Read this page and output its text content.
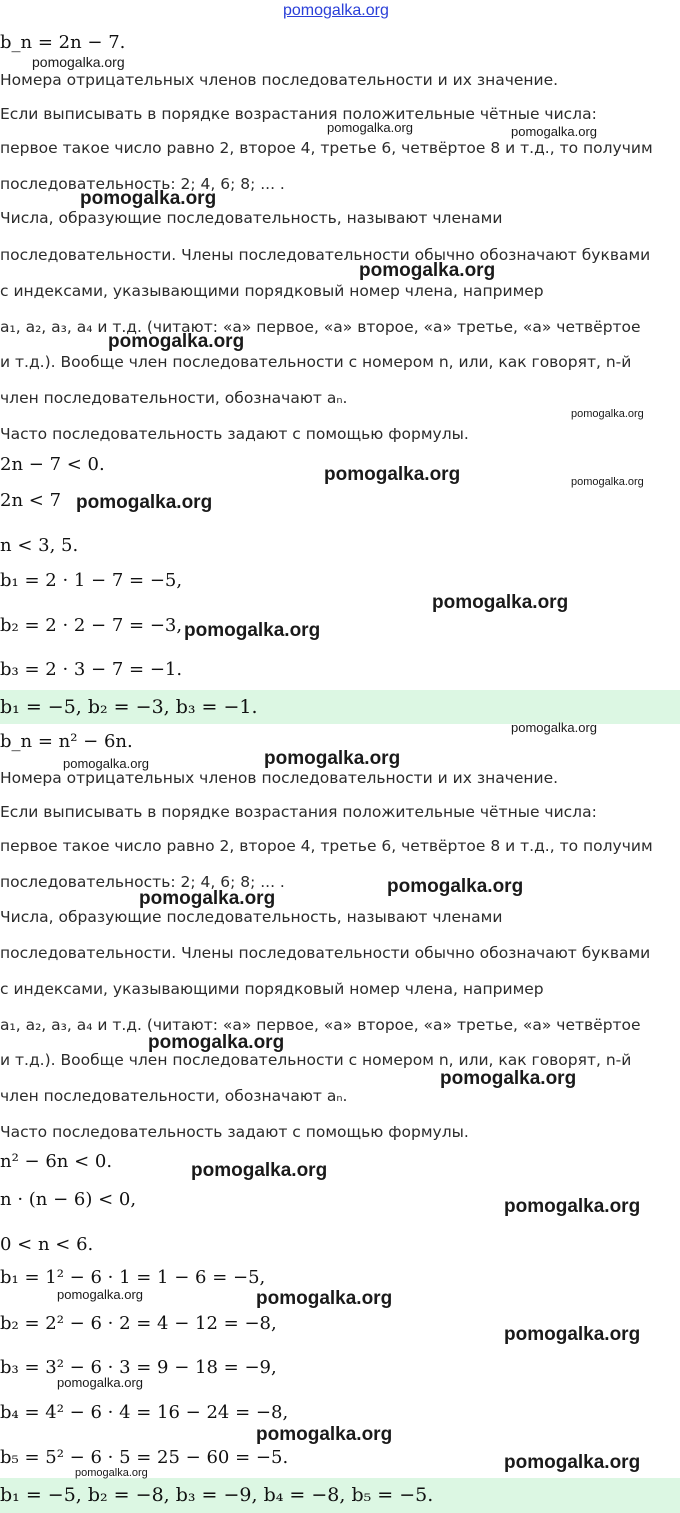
pomogalka.org
b_n = 2n − 7.
Номера отрицательных членов последовательности и их значение.
Если выписывать в порядке возрастания положительные чётные числа:
первое такое число равно 2, второе 4, третье 6, четвёртое 8 и т.д., то получим
последовательность: 2; 4, 6; 8; ... .
Числа, образующие последовательность, называют членами
последовательности. Члены последовательности обычно обозначают буквами
с индексами, указывающими порядковый номер члена, например
a₁, a₂, a₃, a₄ и т.д. (читают: «a» первое, «a» второе, «a» третье, «a» четвёртое
и т.д.). Вообще член последовательности с номером n, или, как говорят, n-й
член последовательности, обозначают aₙ.
Часто последовательность задают с помощью формулы.
2n − 7 < 0.
2n < 7
n < 3, 5.
b₁ = 2 · 1 − 7 = −5,
b₂ = 2 · 2 − 7 = −3,
b₃ = 2 · 3 − 7 = −1.
b₁ = −5, b₂ = −3, b₃ = −1.
b_n = n² − 6n.
Номера отрицательных членов последовательности и их значение.
Если выписывать в порядке возрастания положительные чётные числа:
первое такое число равно 2, второе 4, третье 6, четвёртое 8 и т.д., то получим
последовательность: 2; 4, 6; 8; ... .
Числа, образующие последовательность, называют членами
последовательности. Члены последовательности обычно обозначают буквами
с индексами, указывающими порядковый номер члена, например
a₁, a₂, a₃, a₄ и т.д. (читают: «a» первое, «a» второе, «a» третье, «a» четвёртое
и т.д.). Вообще член последовательности с номером n, или, как говорят, n-й
член последовательности, обозначают aₙ.
Часто последовательность задают с помощью формулы.
n² − 6n < 0.
n · (n − 6) < 0,
0 < n < 6.
b₁ = 1² − 6 · 1 = 1 − 6 = −5,
b₂ = 2² − 6 · 2 = 4 − 12 = −8,
b₃ = 3² − 6 · 3 = 9 − 18 = −9,
b₄ = 4² − 6 · 4 = 16 − 24 = −8,
b₅ = 5² − 6 · 5 = 25 − 60 = −5.
b₁ = −5, b₂ = −8, b₃ = −9, b₄ = −8, b₅ = −5.
pomogalka.org
pomogalka.org	pomogalka.org
pomogalka.org
pomogalka.org
pomogalka.org
pomogalka.org
pomogalka.org	pomogalka.org
pomogalka.org
pomogalka.org
pomogalka.org
pomogalka.org
pomogalka.org
pomogalka.org
pomogalka.org
pomogalka.org
pomogalka.org
pomogalka.org
pomogalka.org
pomogalka.org
pomogalka.org	pomogalka.org
pomogalka.org
pomogalka.org
pomogalka.org
pomogalka.org
pomogalka.org
